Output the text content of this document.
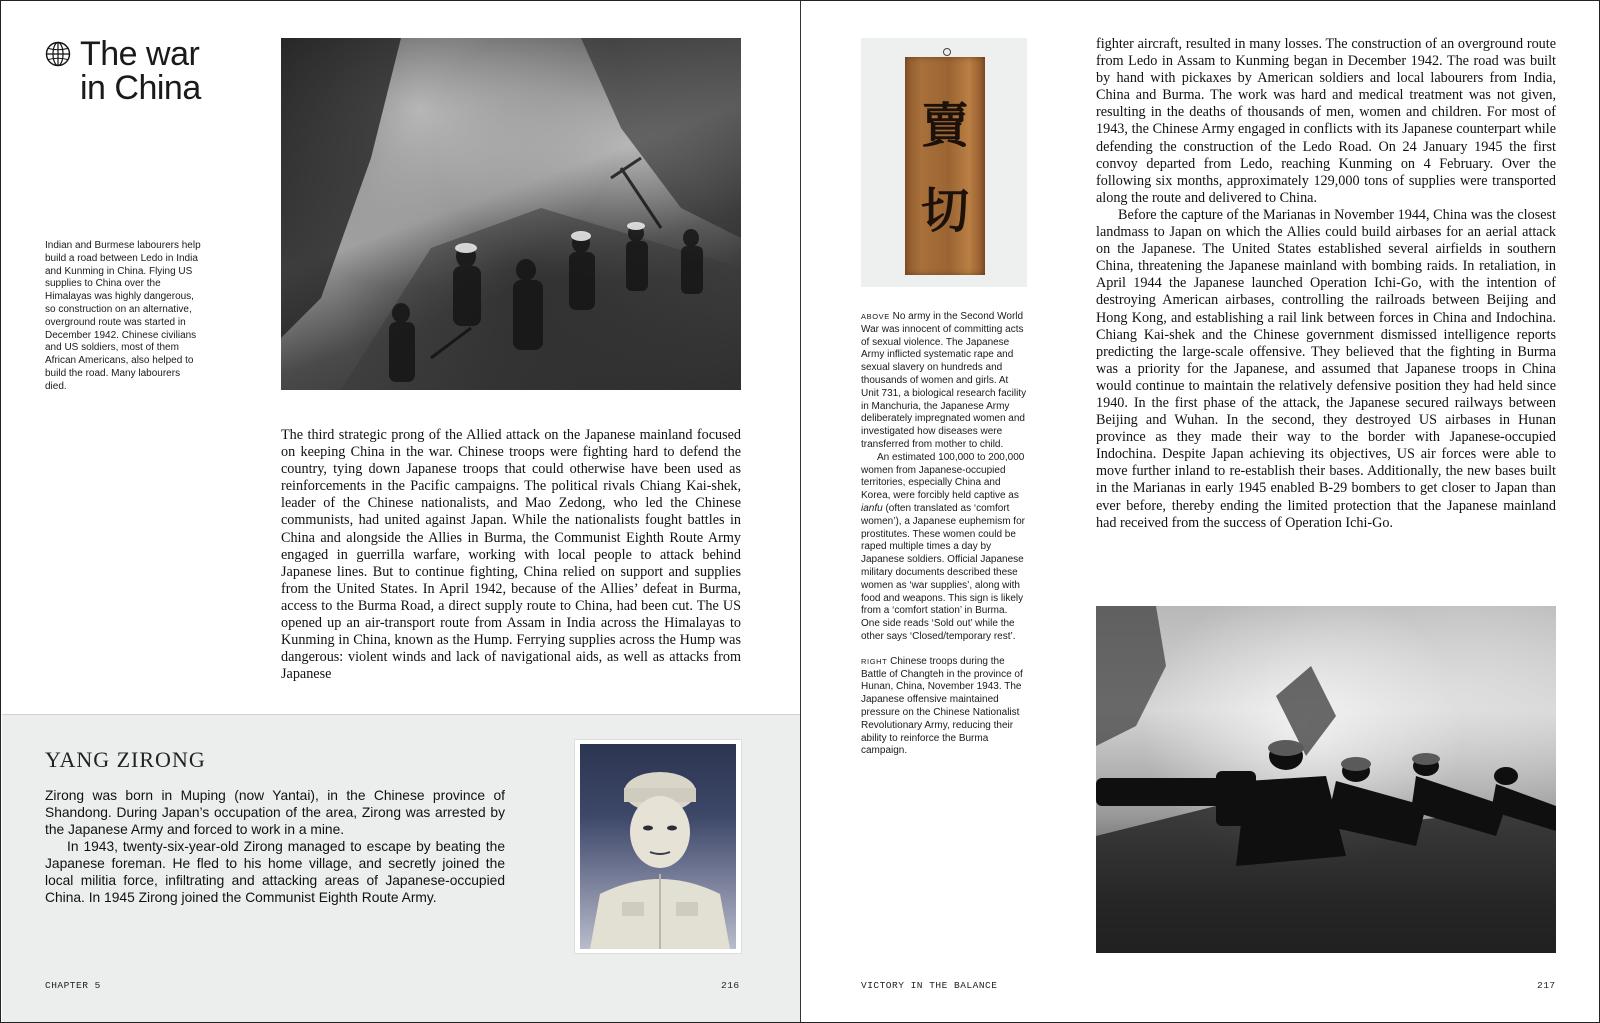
The war
in China
Indian and Burmese labourers help build a road between Ledo in India and Kunming in China. Flying US supplies to China over the Himalayas was highly dangerous, so construction on an alternative, overground route was started in December 1942. Chinese civilians and US soldiers, most of them African Americans, also helped to build the road. Many labourers died.

The third strategic prong of the Allied attack on the Japanese mainland focused on keeping China in the war. Chinese troops were fighting hard to defend the country, tying down Japanese troops that could otherwise have been used as reinforcements in the Pacific campaigns. The political rivals Chiang Kai-shek, leader of the Chinese nationalists, and Mao Zedong, who led the Chinese communists, had united against Japan. While the nationalists fought battles in China and alongside the Allies in Burma, the Communist Eighth Route Army engaged in guerrilla warfare, working with local people to attack behind Japanese lines. But to continue fighting, China relied on support and supplies from the United States. In April 1942, because of the Allies’ defeat in Burma, access to the Burma Road, a direct supply route to China, had been cut. The US opened up an air-transport route from Assam in India across the Himalayas to Kunming in China, known as the Hump. Ferrying supplies across the Hump was dangerous: violent winds and lack of navigational aids, as well as attacks from Japanese

YANG ZIRONG

Zirong was born in Muping (now Yantai), in the Chinese province of Shandong. During Japan’s occupation of the area, Zirong was arrested by the Japanese Army and forced to work in a mine.

In 1943, twenty-six-year-old Zirong managed to escape by beating the Japanese foreman. He fled to his home village, and secretly joined the local militia force, infiltrating and attacking areas of Japanese-occupied China. In 1945 Zirong joined the Communist Eighth Route Army.

CHAPTER 5	216
賣
切

ABOVE No army in the Second World War was innocent of committing acts of sexual violence. The Japanese Army inflicted systematic rape and sexual slavery on hundreds and thousands of women and girls. At Unit 731, a biological research facility in Manchuria, the Japanese Army deliberately impregnated women and investigated how diseases were transferred from mother to child.

An estimated 100,000 to 200,000 women from Japanese-occupied territories, especially China and Korea, were forcibly held captive as ianfu (often translated as ‘comfort women’), a Japanese euphemism for prostitutes. These women could be raped multiple times a day by Japanese soldiers. Official Japanese military documents described these women as ‘war supplies’, along with food and weapons. This sign is likely from a ‘comfort station’ in Burma. One side reads ‘Sold out’ while the other says ‘Closed/temporary rest’.

RIGHT Chinese troops during the Battle of Changteh in the province of Hunan, China, November 1943. The Japanese offensive maintained pressure on the Chinese Nationalist Revolutionary Army, reducing their ability to reinforce the Burma campaign.

fighter aircraft, resulted in many losses. The construction of an overground route from Ledo in Assam to Kunming began in December 1942. The road was built by hand with pickaxes by American soldiers and local labourers from India, China and Burma. The work was hard and medical treatment was not given, resulting in the deaths of thousands of men, women and children. For most of 1943, the Chinese Army engaged in conflicts with its Japanese counterpart while defending the construction of the Ledo Road. On 24 January 1945 the first convoy departed from Ledo, reaching Kunming on 4 February. Over the following six months, approximately 129,000 tons of supplies were transported along the route and delivered to China.

Before the capture of the Marianas in November 1944, China was the closest landmass to Japan on which the Allies could build airbases for an aerial attack on the Japanese. The United States established several airfields in southern China, threatening the Japanese mainland with bombing raids. In retaliation, in April 1944 the Japanese launched Operation Ichi-Go, with the intention of destroying American airbases, controlling the railroads between Beijing and Hong Kong, and establishing a rail link between forces in China and Indochina. Chiang Kai-shek and the Chinese government dismissed intelligence reports predicting the large-scale offensive. They believed that the fighting in Burma was a priority for the Japanese, and assumed that Japanese troops in China would continue to maintain the relatively defensive position they had held since 1940. In the first phase of the attack, the Japanese secured railways between Beijing and Wuhan. In the second, they destroyed US airbases in Hunan province as they made their way to the border with Japanese-occupied Indochina. Despite Japan achieving its objectives, US air forces were able to move further inland to re-establish their bases. Additionally, the new bases built in the Marianas in early 1945 enabled B-29 bombers to get closer to Japan than ever before, thereby ending the limited protection that the Japanese mainland had received from the success of Operation Ichi-Go.

VICTORY IN THE BALANCE	217
